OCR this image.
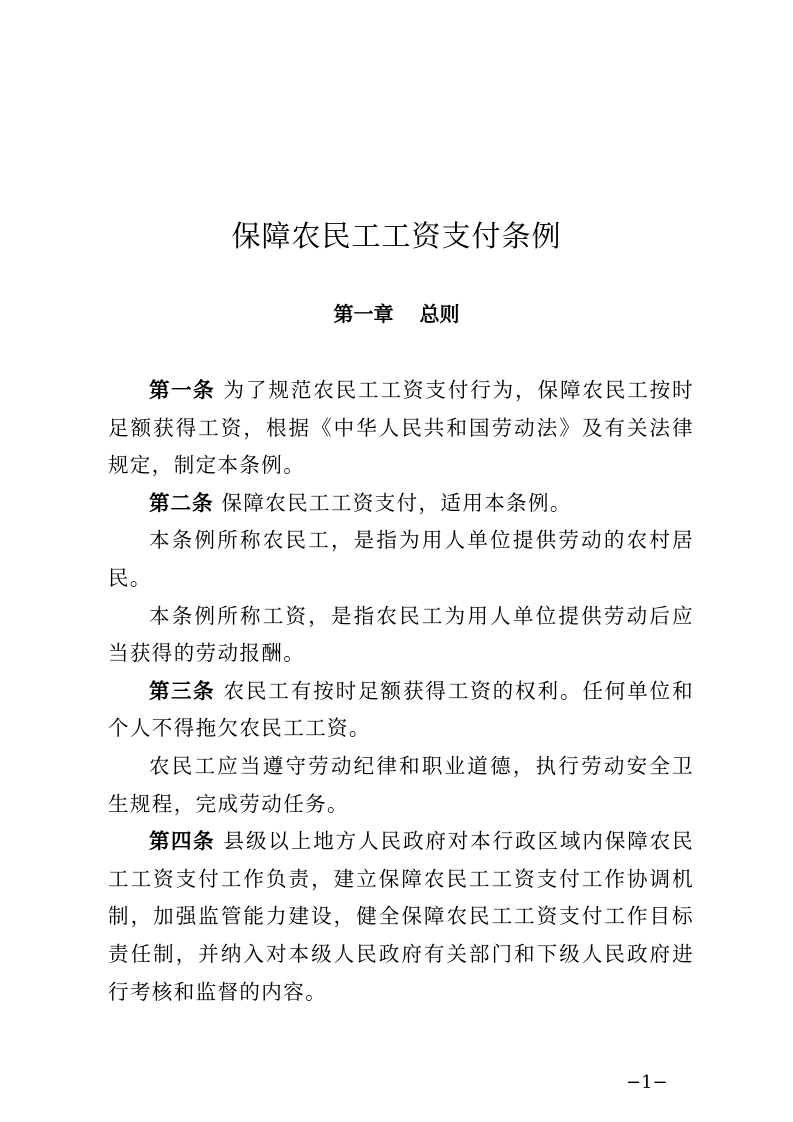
保障农民工工资支付条例
第一章 总则

第一条 为了规范农民工工资支付行为，保障农民工按时足额获得工资，根据《中华人民共和国劳动法》及有关法律规定，制定本条例。

第二条 保障农民工工资支付，适用本条例。

本条例所称农民工，是指为用人单位提供劳动的农村居民。

本条例所称工资，是指农民工为用人单位提供劳动后应当获得的劳动报酬。

第三条 农民工有按时足额获得工资的权利。任何单位和个人不得拖欠农民工工资。

农民工应当遵守劳动纪律和职业道德，执行劳动安全卫生规程，完成劳动任务。

第四条 县级以上地方人民政府对本行政区域内保障农民工工资支付工作负责，建立保障农民工工资支付工作协调机制，加强监管能力建设，健全保障农民工工资支付工作目标责任制，并纳入对本级人民政府有关部门和下级人民政府进行考核和监督的内容。

−1−
